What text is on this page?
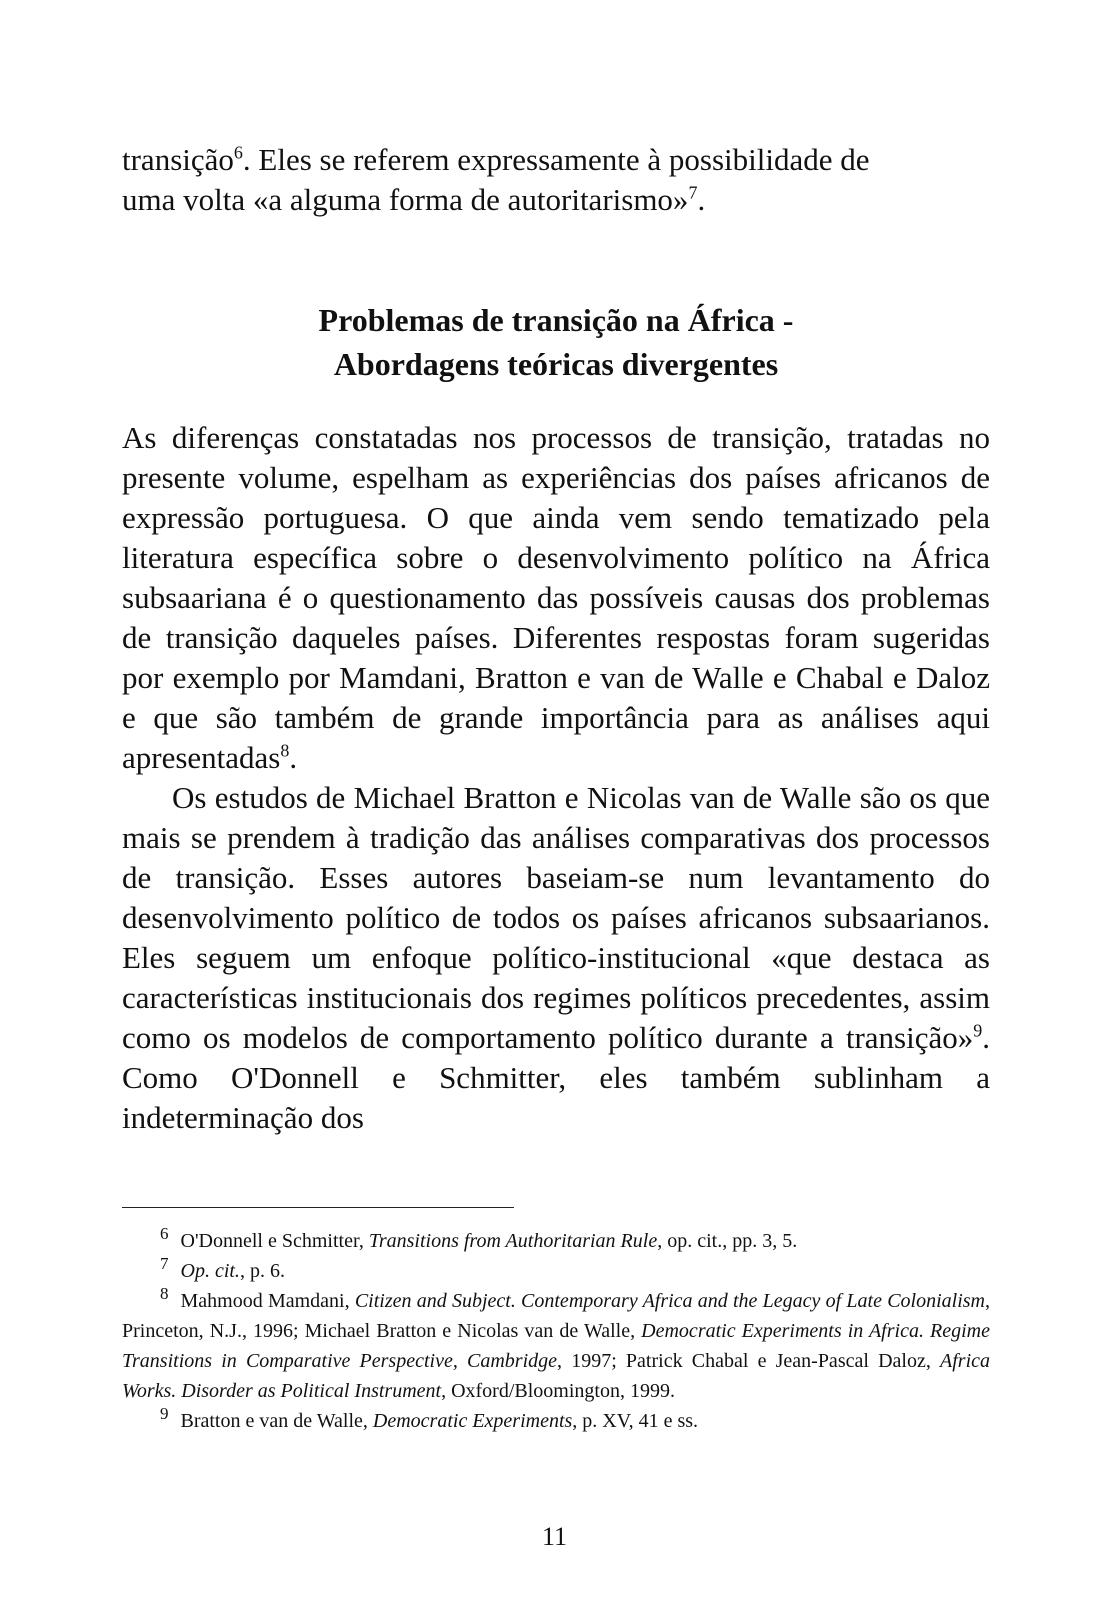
transição$^6$. Eles se referem expressamente à possibilidade de

uma volta «a alguma forma de autoritarismo»$^7$.

Problemas de transição na África -
Abordagens teóricas divergentes

As diferenças constatadas nos processos de transição, tratadas no presente volume, espelham as experiências dos países africanos de expressão portuguesa. O que ainda vem sendo tematizado pela literatura específica sobre o desenvolvimento político na África subsaariana é o questionamento das possíveis causas dos problemas de transição daqueles países. Diferentes respostas foram sugeridas por exemplo por Mamdani, Bratton e van de Walle e Chabal e Daloz e que são também de grande importância para as análises aqui apresentadas$^8$.

Os estudos de Michael Bratton e Nicolas van de Walle são os que mais se prendem à tradição das análises comparativas dos processos de transição. Esses autores baseiam-se num levantamento do desenvolvimento político de todos os países africanos subsaarianos. Eles seguem um enfoque político-institucional «que destaca as características institucionais dos regimes políticos precedentes, assim como os modelos de comportamento político durante a transição»$^9$. Como O'Donnell e Schmitter, eles também sublinham a indeterminação dos

$^6$ O'Donnell e Schmitter, Transitions from Authoritarian Rule, op. cit., pp. 3, 5.

$^7$ Op. cit., p. 6.

$^8$ Mahmood Mamdani, Citizen and Subject. Contemporary Africa and the Legacy of Late Colonialism, Princeton, N.J., 1996; Michael Bratton e Nicolas van de Walle, Democratic Experiments in Africa. Regime Transitions in Comparative Perspective, Cambridge, 1997; Patrick Chabal e Jean-Pascal Daloz, Africa Works. Disorder as Political Instrument, Oxford/Bloomington, 1999.

$^9$ Bratton e van de Walle, Democratic Experiments, p. XV, 41 e ss.

11
